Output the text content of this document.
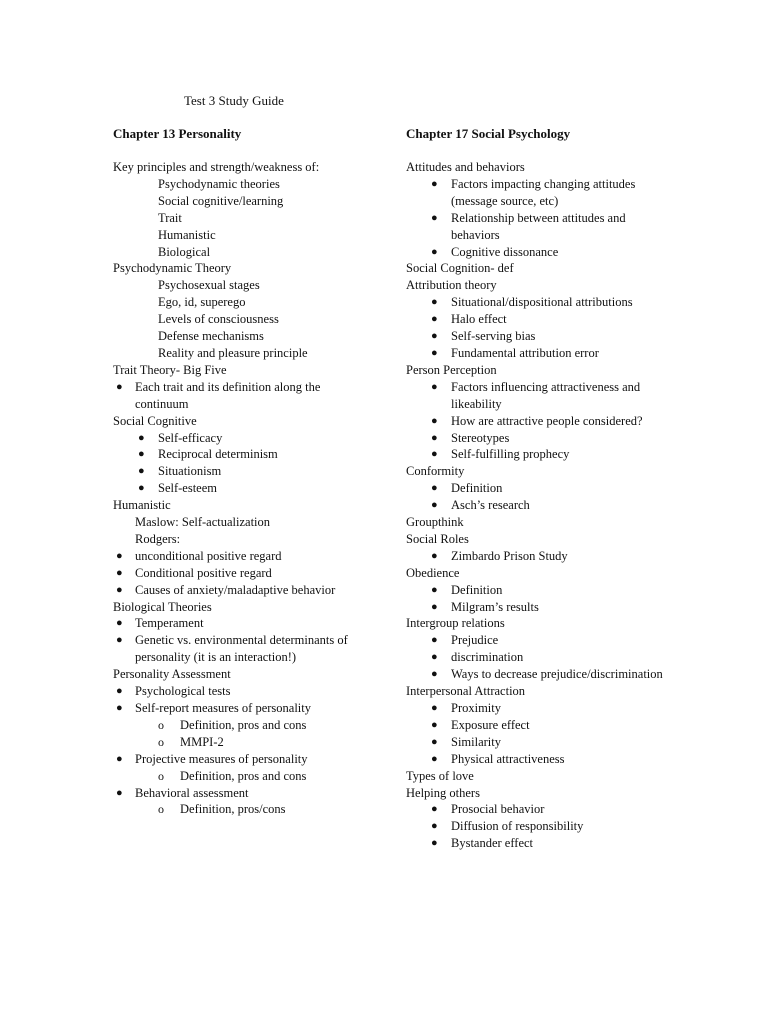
Test 3 Study Guide
Chapter 13 Personality
Key principles and strength/weakness of:
Psychodynamic theories
Social cognitive/learning
Trait
Humanistic
Biological
Psychodynamic Theory
Psychosexual stages
Ego, id, superego
Levels of consciousness
Defense mechanisms
Reality and pleasure principle
Trait Theory- Big Five
● Each trait and its definition along the continuum
Social Cognitive
● Self-efficacy
● Reciprocal determinism
● Situationism
● Self-esteem
Humanistic
Maslow: Self-actualization
Rodgers:
● unconditional positive regard
● Conditional positive regard
● Causes of anxiety/maladaptive behavior
Biological Theories
● Temperament
● Genetic vs. environmental determinants of personality (it is an interaction!)
Personality Assessment
● Psychological tests
● Self-report measures of personality
o Definition, pros and cons
o MMPI-2
● Projective measures of personality
o Definition, pros and cons
● Behavioral assessment
o Definition, pros/cons
Chapter 17 Social Psychology
Attitudes and behaviors
● Factors impacting changing attitudes (message source, etc)
● Relationship between attitudes and behaviors
● Cognitive dissonance
Social Cognition- def
Attribution theory
● Situational/dispositional attributions
● Halo effect
● Self-serving bias
● Fundamental attribution error
Person Perception
● Factors influencing attractiveness and likeability
● How are attractive people considered?
● Stereotypes
● Self-fulfilling prophecy
Conformity
● Definition
● Asch’s research
Groupthink
Social Roles
● Zimbardo Prison Study
Obedience
● Definition
● Milgram’s results
Intergroup relations
● Prejudice
● discrimination
● Ways to decrease prejudice/discrimination
Interpersonal Attraction
● Proximity
● Exposure effect
● Similarity
● Physical attractiveness
Types of love
Helping others
● Prosocial behavior
● Diffusion of responsibility
● Bystander effect
